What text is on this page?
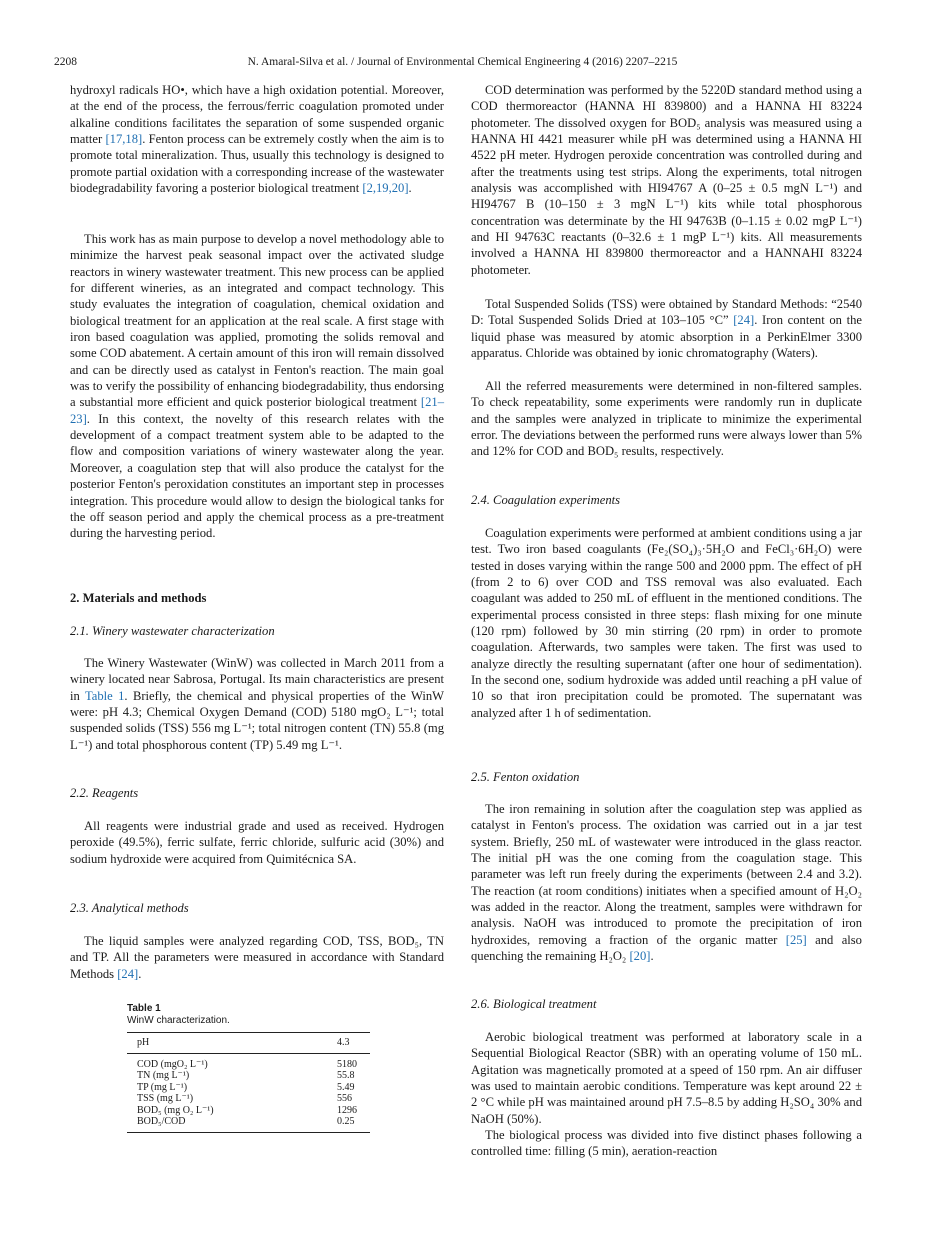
2208	N. Amaral-Silva et al. / Journal of Environmental Chemical Engineering 4 (2016) 2207–2215

hydroxyl radicals HO•, which have a high oxidation potential. Moreover, at the end of the process, the ferrous/ferric coagulation promoted under alkaline conditions facilitates the separation of some suspended organic matter [17,18]. Fenton process can be extremely costly when the aim is to promote total mineralization. Thus, usually this technology is designed to promote partial oxidation with a corresponding increase of the wastewater biodegradability favoring a posterior biological treatment [2,19,20].

This work has as main purpose to develop a novel methodology able to minimize the harvest peak seasonal impact over the activated sludge reactors in winery wastewater treatment. This new process can be applied for different wineries, as an integrated and compact technology. This study evaluates the integration of coagulation, chemical oxidation and biological treatment for an application at the real scale. A first stage with iron based coagulation was applied, promoting the solids removal and some COD abatement. A certain amount of this iron will remain dissolved and can be directly used as catalyst in Fenton's reaction. The main goal was to verify the possibility of enhancing biodegradability, thus endorsing a substantial more efficient and quick posterior biological treatment [21–23]. In this context, the novelty of this research relates with the development of a compact treatment system able to be adapted to the flow and composition variations of winery wastewater along the year. Moreover, a coagulation step that will also produce the catalyst for the posterior Fenton's peroxidation constitutes an important step in processes integration. This procedure would allow to design the biological tanks for the off season period and apply the chemical process as a pre-treatment during the harvesting period.

2. Materials and methods
2.1. Winery wastewater characterization

The Winery Wastewater (WinW) was collected in March 2011 from a winery located near Sabrosa, Portugal. Its main characteristics are present in Table 1. Briefly, the chemical and physical properties of the WinW were: pH 4.3; Chemical Oxygen Demand (COD) 5180 mgO₂ L⁻¹; total suspended solids (TSS) 556 mg L⁻¹; total nitrogen content (TN) 55.8 (mg L⁻¹) and total phosphorous content (TP) 5.49 mg L⁻¹.

2.2. Reagents

All reagents were industrial grade and used as received. Hydrogen peroxide (49.5%), ferric sulfate, ferric chloride, sulfuric acid (30%) and sodium hydroxide were acquired from Quimitécnica SA.

2.3. Analytical methods

The liquid samples were analyzed regarding COD, TSS, BOD₅, TN and TP. All the parameters were measured in accordance with Standard Methods [24].

COD determination was performed by the 5220D standard method using a COD thermoreactor (HANNA HI 839800) and a HANNA HI 83224 photometer. The dissolved oxygen for BOD₅ analysis was measured using a HANNA HI 4421 measurer while pH was determined using a HANNA HI 4522 pH meter. Hydrogen peroxide concentration was controlled during and after the treatments using test strips. Along the experiments, total nitrogen analysis was accomplished with HI94767 A (0–25 ± 0.5 mgN L⁻¹) and HI94767 B (10–150 ± 3 mgN L⁻¹) kits while total phosphorous concentration was determinate by the HI 94763B (0–1.15 ± 0.02 mgP L⁻¹) and HI 94763C reactants (0–32.6 ± 1 mgP L⁻¹) kits. All measurements involved a HANNA HI 839800 thermoreactor and a HANNAHI 83224 photometer.

Total Suspended Solids (TSS) were obtained by Standard Methods: “2540 D: Total Suspended Solids Dried at 103–105 °C” [24]. Iron content on the liquid phase was measured by atomic absorption in a PerkinElmer 3300 apparatus. Chloride was obtained by ionic chromatography (Waters).

All the referred measurements were determined in non-filtered samples. To check repeatability, some experiments were randomly run in duplicate and the samples were analyzed in triplicate to minimize the experimental error. The deviations between the performed runs were always lower than 5% and 12% for COD and BOD₅ results, respectively.

2.4. Coagulation experiments

Coagulation experiments were performed at ambient conditions using a jar test. Two iron based coagulants (Fe₂(SO₄)₃·5H₂O and FeCl₃·6H₂O) were tested in doses varying within the range 500 and 2000 ppm. The effect of pH (from 2 to 6) over COD and TSS removal was also evaluated. Each coagulant was added to 250 mL of effluent in the mentioned conditions. The experimental process consisted in three steps: flash mixing for one minute (120 rpm) followed by 30 min stirring (20 rpm) in order to promote coagulation. Afterwards, two samples were taken. The first was used to analyze directly the resulting supernatant (after one hour of sedimentation). In the second one, sodium hydroxide was added until reaching a pH value of 10 so that iron precipitation could be promoted. The supernatant was analyzed after 1 h of sedimentation.

2.5. Fenton oxidation

The iron remaining in solution after the coagulation step was applied as catalyst in Fenton's process. The oxidation was carried out in a jar test system. Briefly, 250 mL of wastewater were introduced in the glass reactor. The initial pH was the one coming from the coagulation stage. This parameter was left run freely during the experiments (between 2.4 and 3.2). The reaction (at room conditions) initiates when a specified amount of H₂O₂ was added in the reactor. Along the treatment, samples were withdrawn for analysis. NaOH was introduced to promote the precipitation of iron hydroxides, removing a fraction of the organic matter [25] and also quenching the remaining H₂O₂ [20].

2.6. Biological treatment

Aerobic biological treatment was performed at laboratory scale in a Sequential Biological Reactor (SBR) with an operating volume of 150 mL. Agitation was magnetically promoted at a speed of 150 rpm. An air diffuser was used to maintain aerobic conditions. Temperature was kept around 22 ± 2 °C while pH was maintained around pH 7.5–8.5 by adding H₂SO₄ 30% and NaOH (50%).

The biological process was divided into five distinct phases following a controlled time: filling (5 min), aeration-reaction

Table 1
WinW characterization.
pH	4.3
COD (mgO₂ L⁻¹)	5180
TN (mg L⁻¹)	55.8
TP (mg L⁻¹)	5.49
TSS (mg L⁻¹)	556
BOD₅ (mg O₂ L⁻¹)	1296
BOD₅/COD	0.25
